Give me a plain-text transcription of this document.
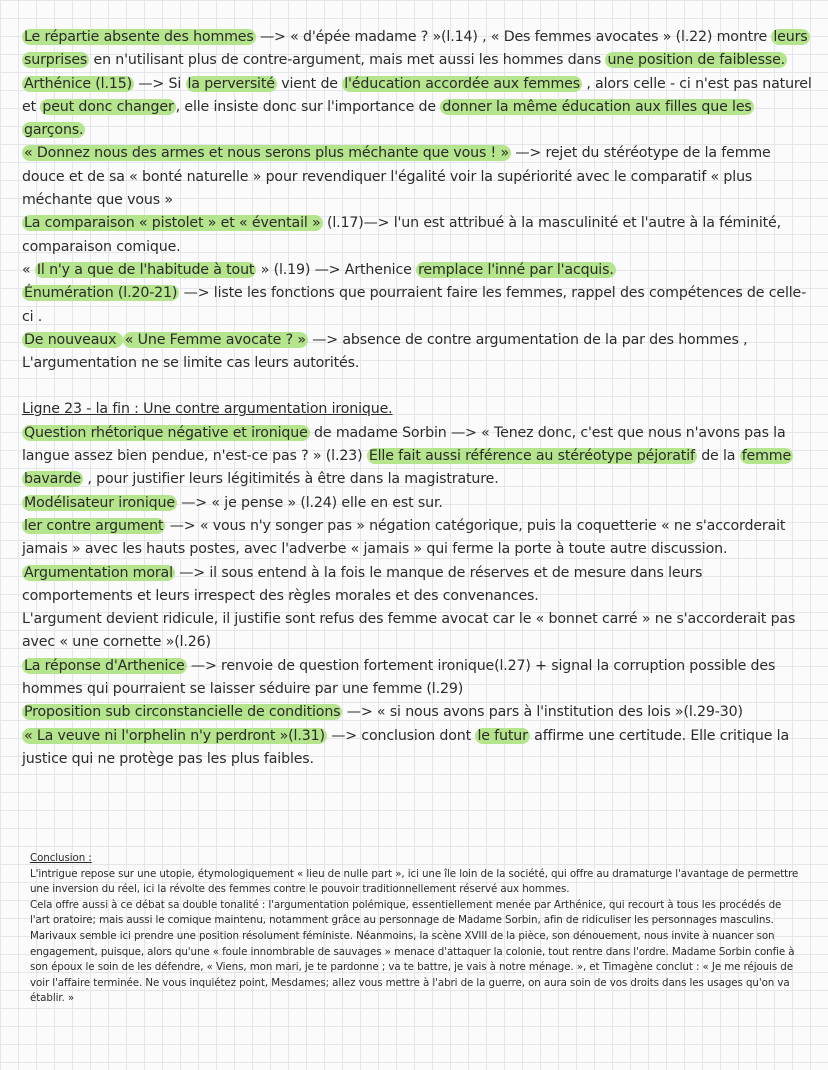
Le répartie absente des hommes —> « d'épée madame ? »(l.14) , « Des femmes avocates » (l.22) montre leurs surprises en n'utilisant plus de contre-argument, mais met aussi les hommes dans une position de faiblesse.

Arthénice (l.15) —> Si la perversité vient de l'éducation accordée aux femmes , alors celle - ci n'est pas naturel et peut donc changer , elle insiste donc sur l'importance de donner la même éducation aux filles que les garçons.

« Donnez nous des armes et nous serons plus méchante que vous ! » —> rejet du stéréotype de la femme douce et de sa « bonté naturelle » pour revendiquer l'égalité voir la supériorité avec le comparatif « plus méchante que vous »

La comparaison « pistolet » et « éventail » (l.17)—> l'un est attribué à la masculinité et l'autre à la féminité, comparaison comique.

« Il n'y a que de l'habitude à tout » (l.19) —> Arthenice remplace l'inné par l'acquis.

Énumération (l.20-21) —> liste les fonctions que pourraient faire les femmes, rappel des compétences de celle-ci .

De nouveaux « Une Femme avocate ? » —> absence de contre argumentation de la par des hommes , L'argumentation ne se limite cas leurs autorités.

Ligne 23 - la fin : Une contre argumentation ironique.

Question rhétorique négative et ironique de madame Sorbin —> « Tenez donc, c'est que nous n'avons pas la langue assez bien pendue, n'est-ce pas ? » (l.23) Elle fait aussi référence au stéréotype péjoratif de la femme bavarde , pour justifier leurs légitimités à être dans la magistrature.

Modélisateur ironique —> « je pense » (l.24) elle en est sur.

ler contre argument —> « vous n'y songer pas » négation catégorique, puis la coquetterie « ne s'accorderait jamais » avec les hauts postes, avec l'adverbe « jamais » qui ferme la porte à toute autre discussion.

Argumentation moral —> il sous entend à la fois le manque de réserves et de mesure dans leurs comportements et leurs irrespect des règles morales et des convenances.

L'argument devient ridicule, il justifie sont refus des femme avocat car le « bonnet carré » ne s'accorderait pas avec « une cornette »(l.26)

La réponse d'Arthenice —> renvoie de question fortement ironique(l.27) + signal la corruption possible des hommes qui pourraient se laisser séduire par une femme (l.29)

Proposition sub circonstancielle de conditions —> « si nous avons pars à l'institution des lois »(l.29-30)

« La veuve ni l'orphelin n'y perdront »(l.31) —> conclusion dont le futur affirme une certitude. Elle critique la justice qui ne protège pas les plus faibles.

Conclusion :

L'intrigue repose sur une utopie, étymologiquement « lieu de nulle part », ici une île loin de la société, qui offre au dramaturge l'avantage de permettre une inversion du réel, ici la révolte des femmes contre le pouvoir traditionnellement réservé aux hommes.

Cela offre aussi à ce débat sa double tonalité : l'argumentation polémique, essentiellement menée par Arthénice, qui recourt à tous les procédés de l'art oratoire; mais aussi le comique maintenu, notamment grâce au personnage de Madame Sorbin, afin de ridiculiser les personnages masculins.

Marivaux semble ici prendre une position résolument féministe. Néanmoins, la scène XVIII de la pièce, son dénouement, nous invite à nuancer son engagement, puisque, alors qu'une « foule innombrable de sauvages » menace d'attaquer la colonie, tout rentre dans l'ordre. Madame Sorbin confie à son époux le soin de les défendre, « Viens, mon mari, je te pardonne ; va te battre, je vais à notre ménage. », et Timagène conclut : « Je me réjouis de voir l'affaire terminée. Ne vous inquiétez point, Mesdames; allez vous mettre à l'abri de la guerre, on aura soin de vos droits dans les usages qu'on va établir. »
